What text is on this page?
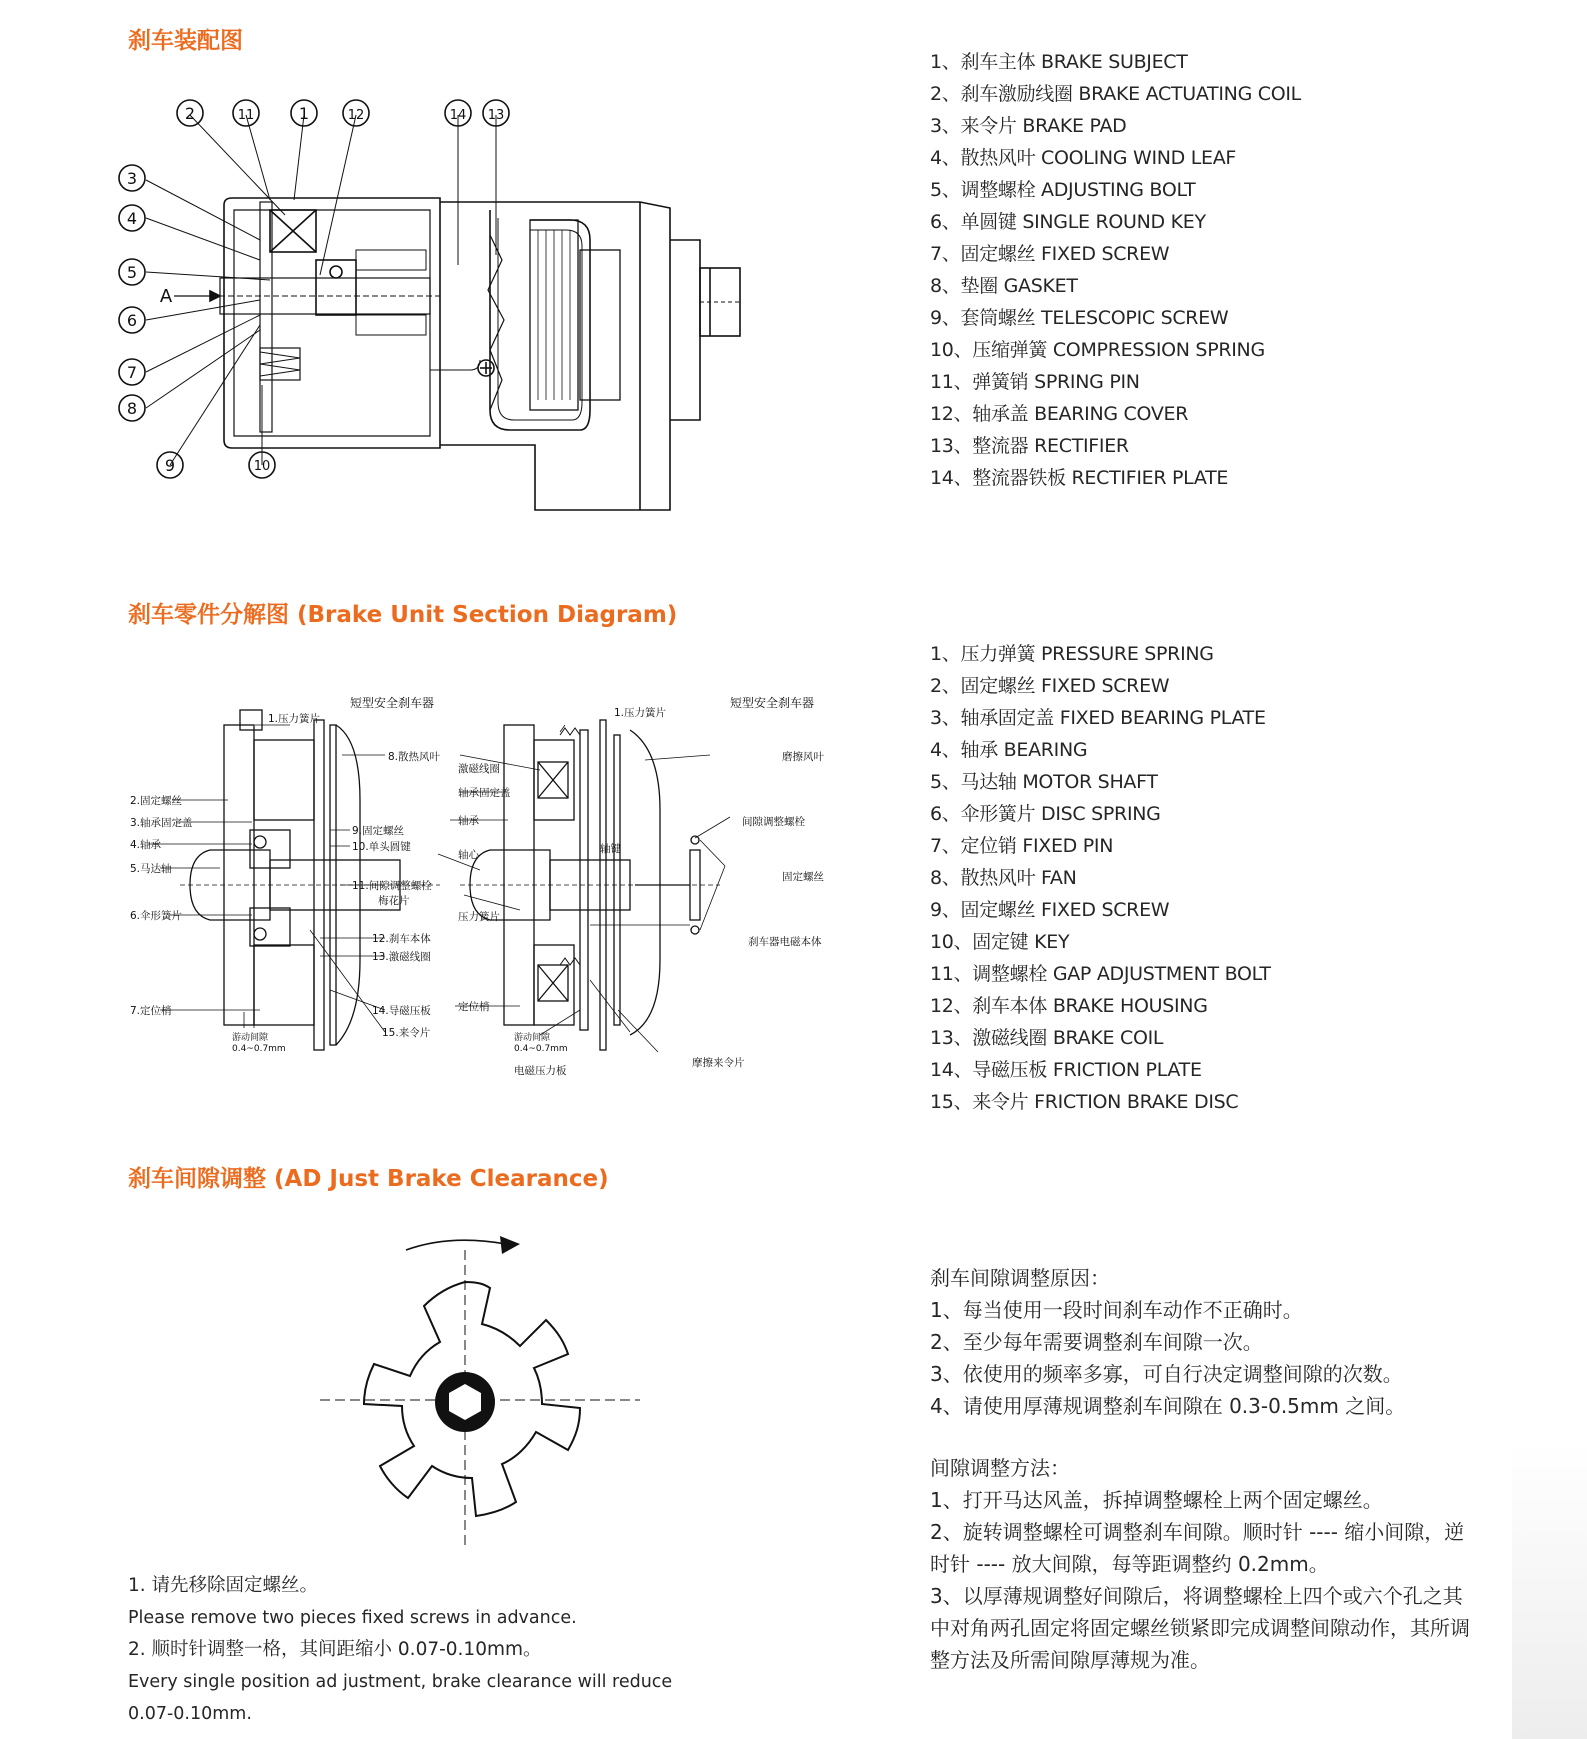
刹车装配图
刹车零件分解图 (Brake Unit Section Diagram)
刹车间隙调整 (AD Just Brake Clearance)
1、刹车主体 BRAKE SUBJECT
2、刹车激励线圈 BRAKE ACTUATING COIL
3、来令片 BRAKE PAD
4、散热风叶 COOLING WIND LEAF
5、调整螺栓 ADJUSTING BOLT
6、单圆键 SINGLE ROUND KEY
7、固定螺丝 FIXED SCREW
8、垫圈 GASKET
9、套筒螺丝 TELESCOPIC SCREW
10、压缩弹簧 COMPRESSION SPRING
11、弹簧销 SPRING PIN
12、轴承盖 BEARING COVER
13、整流器 RECTIFIER
14、整流器铁板 RECTIFIER PLATE
1、压力弹簧 PRESSURE SPRING
2、固定螺丝 FIXED SCREW
3、轴承固定盖 FIXED BEARING PLATE
4、轴承 BEARING
5、马达轴 MOTOR SHAFT
6、伞形簧片 DISC SPRING
7、定位销 FIXED PIN
8、散热风叶 FAN
9、固定螺丝 FIXED SCREW
10、固定键 KEY
11、调整螺栓 GAP ADJUSTMENT BOLT
12、刹车本体 BRAKE HOUSING
13、激磁线圈 BRAKE COIL
14、导磁压板 FRICTION PLATE
15、来令片 FRICTION BRAKE DISC
2	11	1	12	14 13
3
4
5
6
7
8
9	10
A
短型安全刹车器
1.压力簧片
8.散热风叶
2.固定螺丝
3.轴承固定盖
4.轴承
5.马达轴
9.固定螺丝
10.单头圆键
11.间隙调整螺栓
梅花片
6.伞形簧片
12.刹车本体
13.激磁线圈
7.定位梢	14.导磁压板
15.来令片
游动间隙
0.4~0.7mm
短型安全刹车器
1.压力簧片
激磁线圈
磨擦风叶
轴承固定盖
间隙调整螺栓
轴承
轴键
轴心
固定螺丝
压力簧片
刹车器电磁本体
定位梢
游动间隙
0.4~0.7mm
电磁压力板
摩擦来令片

刹车间隙调整原因：

1、每当使用一段时间刹车动作不正确时。

2、至少每年需要调整刹车间隙一次。

3、依使用的频率多寡，可自行决定调整间隙的次数。

4、请使用厚薄规调整刹车间隙在 0.3-0.5mm 之间。

间隙调整方法：

1、打开马达风盖，拆掉调整螺栓上两个固定螺丝。

2、旋转调整螺栓可调整刹车间隙。顺时针 ---- 缩小间隙，逆时针 ---- 放大间隙，每等距调整约 0.2mm。

3、以厚薄规调整好间隙后，将调整螺栓上四个或六个孔之其中对角两孔固定将固定螺丝锁紧即完成调整间隙动作，其所调整方法及所需间隙厚薄规为准。

1. 请先移除固定螺丝。

Please remove two pieces fixed screws in advance.

2. 顺时针调整一格，其间距缩小 0.07-0.10mm。

Every single position ad justment, brake clearance will reduce 0.07-0.10mm.
